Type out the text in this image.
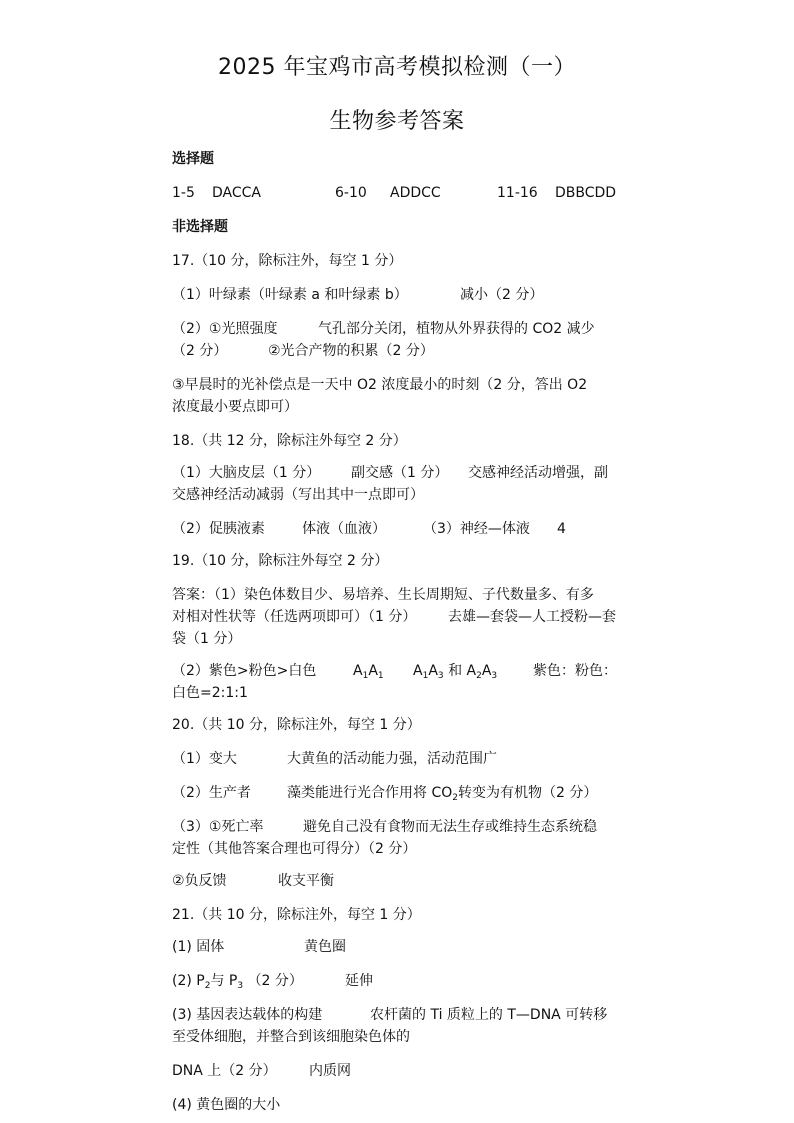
2025 年宝鸡市高考模拟检测（一）
生物参考答案
选择题
1-5 DACCA	6-10 ADDCC	11-16 DBBCDD
非选择题
17.（10 分，除标注外，每空 1 分）
（1）叶绿素（叶绿素 a 和叶绿素 b）	减小（2 分）
（2）①光照强度	气孔部分关闭，植物从外界获得的 CO2 减少
（2 分）	②光合产物的积累（2 分）
③早晨时的光补偿点是一天中 O2 浓度最小的时刻（2 分，答出 O2
浓度最小要点即可）
18.（共 12 分，除标注外每空 2 分）
（1）大脑皮层（1 分） 副交感（1 分） 交感神经活动增强，副
交感神经活动减弱（写出其中一点即可）
（2）促胰液素	体液（血液）	（3）神经—体液 4
19.（10 分，除标注外每空 2 分）
答案：（1）染色体数目少、易培养、生长周期短、子代数量多、有多
对相对性状等（任选两项即可）（1 分） 去雄—套袋—人工授粉—套
袋（1 分）
（2）紫色>粉色>白色	$A_1A_1$ $A_1A_3$ 和 $A_2A_3$	紫色：粉色：
白色=2:1:1
20.（共 10 分，除标注外，每空 1 分）
（1）变大	大黄鱼的活动能力强，活动范围广
（2）生产者	藻类能进行光合作用将 $CO_2$转变为有机物（2 分）
（3）①死亡率	避免自己没有食物而无法生存或维持生态系统稳
定性（其他答案合理也可得分）（2 分）
②负反馈	收支平衡
21.（共 10 分，除标注外，每空 1 分）
(1) 固体	黄色圈
(2) $P_2$与 $P_3$ （2 分）	延伸
(3) 基因表达载体的构建	农杆菌的 Ti 质粒上的 T—DNA 可转移
至受体细胞，并整合到该细胞染色体的
DNA 上（2 分） 内质网
(4) 黄色圈的大小
